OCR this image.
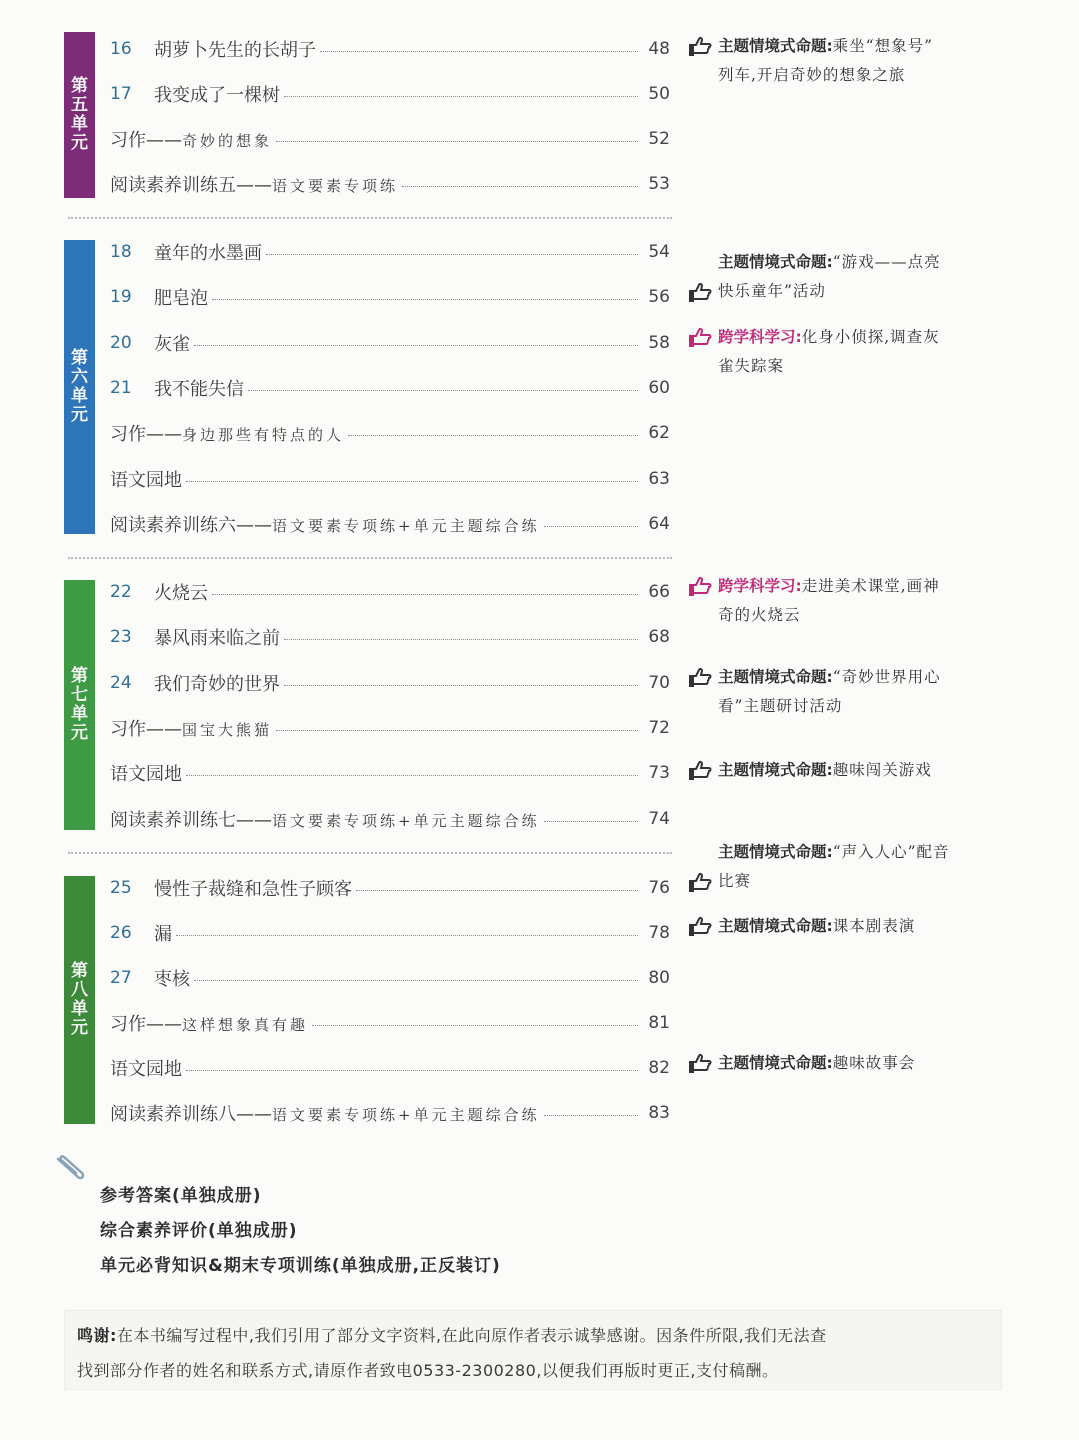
第五单元
16	胡萝卜先生的长胡子	48
17	我变成了一棵树	50
习作——奇妙的想象	52
阅读素养训练五——语文要素专项练	53
第六单元
18	童年的水墨画	54
19	肥皂泡	56
20	灰雀	58
21	我不能失信	60
习作——身边那些有特点的人	62
语文园地	63
阅读素养训练六——语文要素专项练+单元主题综合练	64
第七单元
22	火烧云	66
23	暴风雨来临之前	68
24	我们奇妙的世界	70
习作——国宝大熊猫	72
语文园地	73
阅读素养训练七——语文要素专项练+单元主题综合练	74
第八单元
25	慢性子裁缝和急性子顾客	76
26	漏	78
27	枣核	80
习作——这样想象真有趣	81
语文园地	82
阅读素养训练八——语文要素专项练+单元主题综合练	83
主题情境式命题:乘坐“想象号”
列车,开启奇妙的想象之旅
主题情境式命题:“游戏——点亮
快乐童年”活动
跨学科学习:化身小侦探,调查灰
雀失踪案
跨学科学习:走进美术课堂,画神
奇的火烧云
主题情境式命题:“奇妙世界用心
看”主题研讨活动
主题情境式命题:趣味闯关游戏
主题情境式命题:“声入人心”配音
比赛
主题情境式命题:课本剧表演
主题情境式命题:趣味故事会
参考答案(单独成册)
综合素养评价(单独成册)
单元必背知识&期末专项训练(单独成册,正反装订)
鸣谢:在本书编写过程中,我们引用了部分文字资料,在此向原作者表示诚挚感谢。因条件所限,我们无法查
找到部分作者的姓名和联系方式,请原作者致电0533-2300280,以便我们再版时更正,支付稿酬。
